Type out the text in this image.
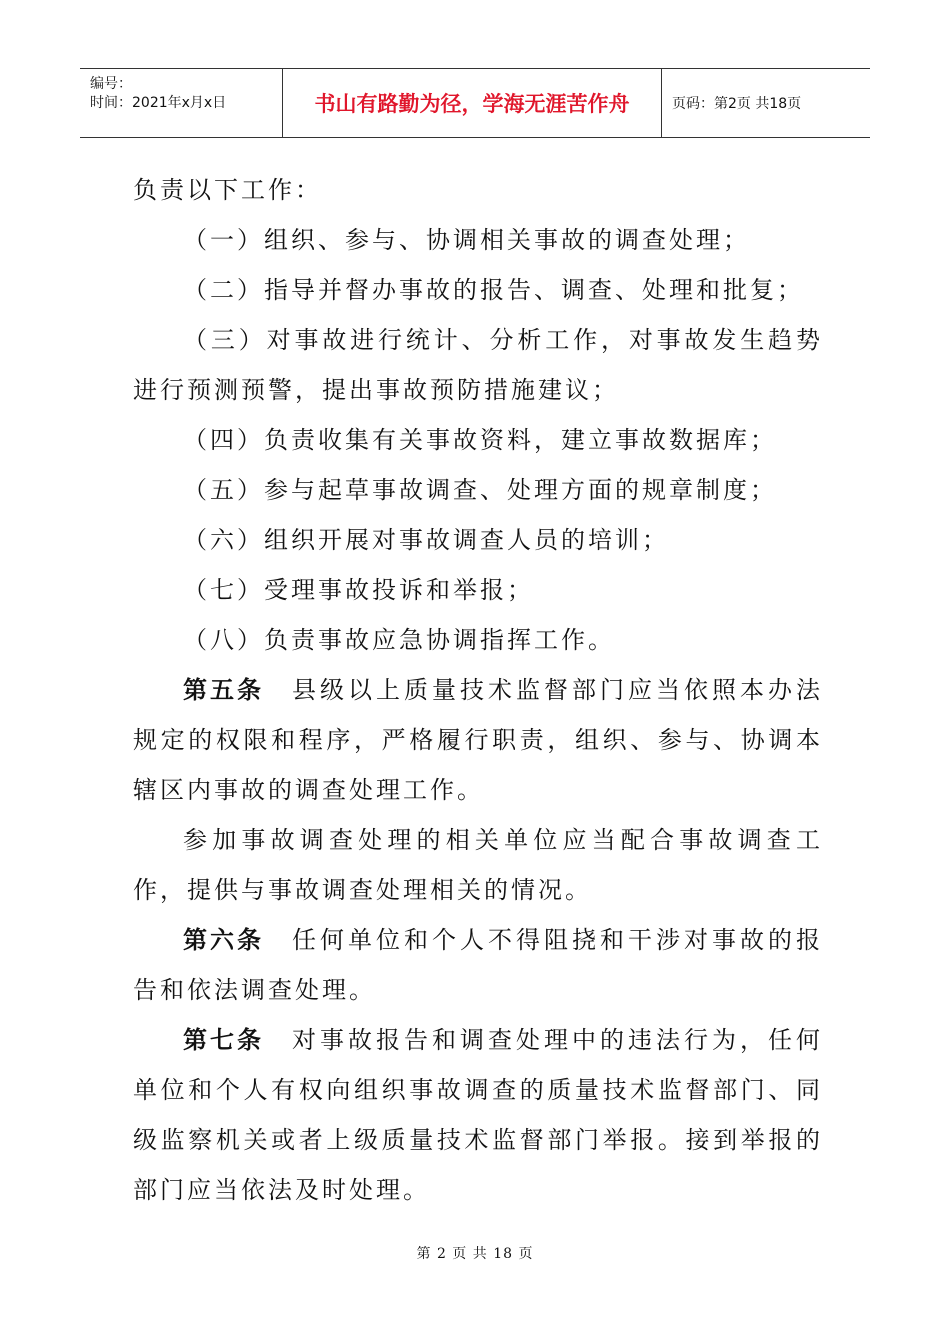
编号：
时间：2021年x月x日	书山有路勤为径，学海无涯苦作舟	页码：第2页 共18页

负责以下工作：

（一）组织、参与、协调相关事故的调查处理；

（二）指导并督办事故的报告、调查、处理和批复；

（三）对事故进行统计、分析工作，对事故发生趋势进行预测预警，提出事故预防措施建议；

（四）负责收集有关事故资料，建立事故数据库；

（五）参与起草事故调查、处理方面的规章制度；

（六）组织开展对事故调查人员的培训；

（七）受理事故投诉和举报；

（八）负责事故应急协调指挥工作。

第五条　 县级以上质量技术监督部门应当依照本办法规定的权限和程序，严格履行职责，组织、参与、协调本辖区内事故的调查处理工作。

参加事故调查处理的相关单位应当配合事故调查工作，提供与事故调查处理相关的情况。

第六条　 任何单位和个人不得阻挠和干涉对事故的报告和依法调查处理。

第七条　 对事故报告和调查处理中的违法行为，任何单位和个人有权向组织事故调查的质量技术监督部门、同级监察机关或者上级质量技术监督部门举报。接到举报的部门应当依法及时处理。

第 2 页 共 18 页
